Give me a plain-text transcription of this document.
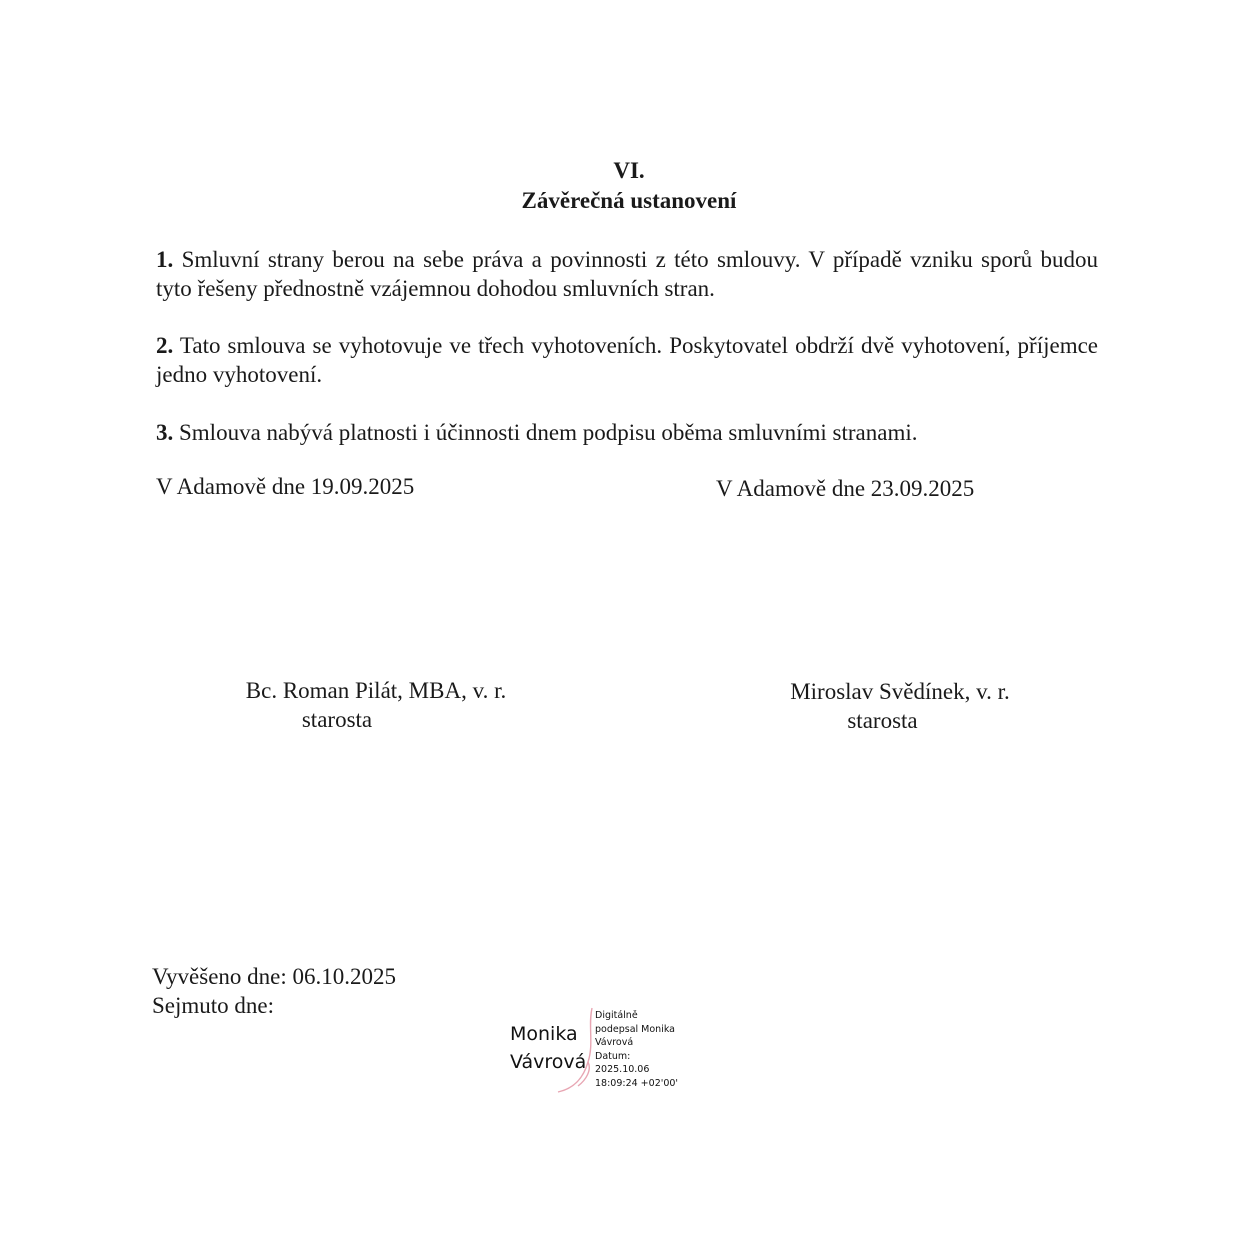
VI.
Závěrečná ustanovení
1. Smluvní strany berou na sebe práva a povinnosti z této smlouvy. V případě vzniku sporů budou tyto řešeny přednostně vzájemnou dohodou smluvních stran.
2. Tato smlouva se vyhotovuje ve třech vyhotoveních. Poskytovatel obdrží dvě vyhotovení, příjemce jedno vyhotovení.
3. Smlouva nabývá platnosti i účinnosti dnem podpisu oběma smluvními stranami.
V Adamově dne 19.09.2025	V Adamově dne 23.09.2025
Bc. Roman Pilát, MBA, v. r.
starosta
Miroslav Svědínek, v. r.
starosta
Vyvěšeno dne: 06.10.2025
Sejmuto dne:
Monika
Vávrová
Digitálně
podepsal Monika
Vávrová
Datum:
2025.10.06
18:09:24 +02'00'
